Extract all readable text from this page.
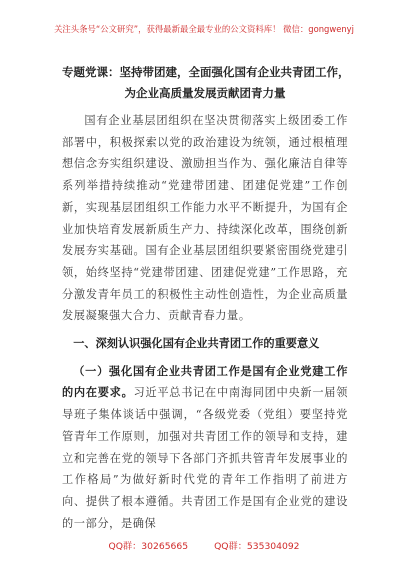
关注头条号“公文研究”，获得最新最全最专业的公文资料库！ 微信：gongwenyj
专题党课：坚持带团建，全面强化国有企业共青团工作，
为企业高质量发展贡献团青力量

国有企业基层团组织在坚决贯彻落实上级团委工作部署中，积极探索以党的政治建设为统领，通过根植理想信念夯实组织建设、激励担当作为、强化廉洁自律等系列举措持续推动“党建带团建、团建促党建”工作创新，实现基层团组织工作能力水平不断提升，为国有企业加快培育发展新质生产力、持续深化改革，围绕创新发展夯实基础。国有企业基层团组织要紧密围绕党建引领，始终坚持“党建带团建、团建促党建”工作思路，充分激发青年员工的积极性主动性创造性，为企业高质量发展凝聚强大合力、贡献青春力量。

一、深刻认识强化国有企业共青团工作的重要意义

（一）强化国有企业共青团工作是国有企业党建工作的内在要求。习近平总书记在中南海同团中央新一届领导班子集体谈话中强调，“各级党委（党组）要坚持党管青年工作原则，加强对共青团工作的领导和支持，建立和完善在党的领导下各部门齐抓共管青年发展事业的工作格局”为做好新时代党的青年工作指明了前进方向、提供了根本遵循。共青团工作是国有企业党的建设的一部分，是确保

QQ群：30265665	QQ群：535304092
